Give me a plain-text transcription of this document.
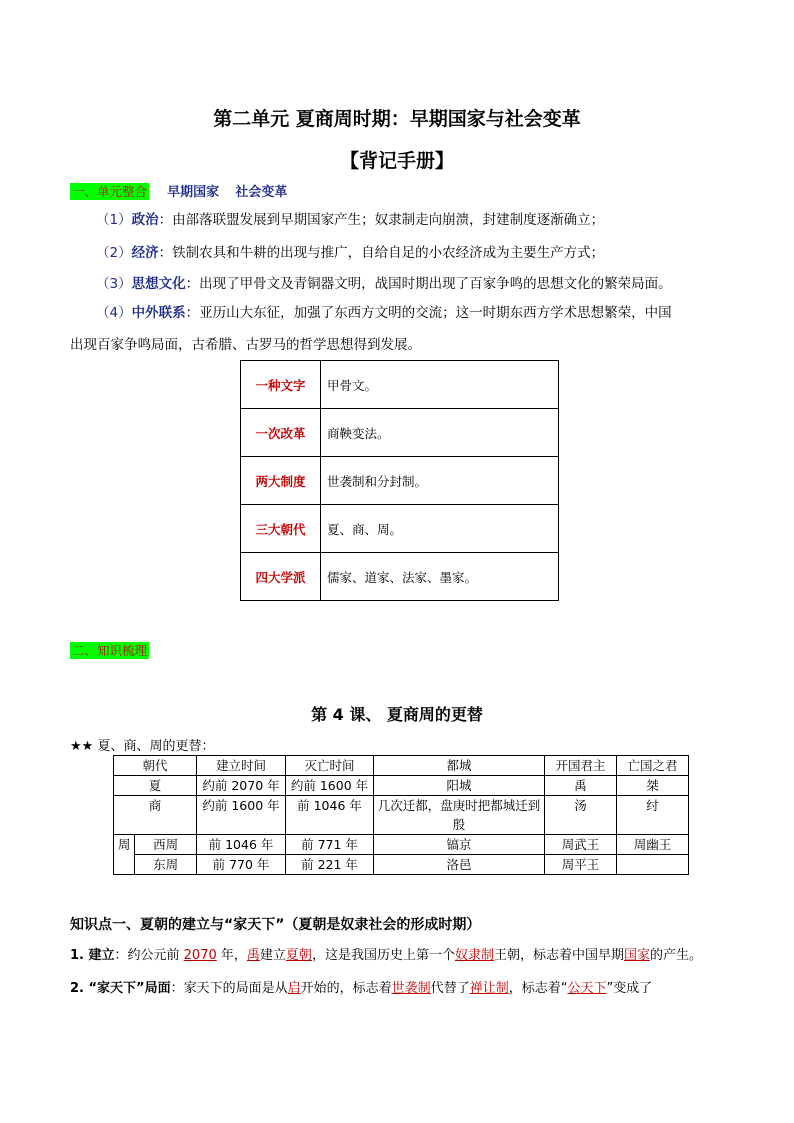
第二单元 夏商周时期：早期国家与社会变革
【背记手册】
一、单元整合 早期国家 社会变革
（1）政治：由部落联盟发展到早期国家产生；奴隶制走向崩溃，封建制度逐渐确立；
（2）经济：铁制农具和牛耕的出现与推广，自给自足的小农经济成为主要生产方式；
（3）思想文化：出现了甲骨文及青铜器文明，战国时期出现了百家争鸣的思想文化的繁荣局面。
（4）中外联系：亚历山大东征，加强了东西方文明的交流；这一时期东西方学术思想繁荣，中国
出现百家争鸣局面，古希腊、古罗马的哲学思想得到发展。
一种文字	甲骨文。
一次改革	商鞅变法。
两大制度	世袭制和分封制。
三大朝代	夏、商、周。
四大学派	儒家、道家、法家、墨家。
二、知识梳理
第 4 课、 夏商周的更替
★★ 夏、商、周的更替：
朝代		建立时间	灭亡时间	都城	开国君主	亡国之君
夏		约前 2070 年	约前 1600 年	阳城	禹	桀
商		约前 1600 年	前 1046 年	几次迁都，盘庚时把都城迁到殷	汤	纣
周	西周	前 1046 年	前 771 年	镐京	周武王	周幽王
	东周	前 770 年	前 221 年	洛邑	周平王	
知识点一、夏朝的建立与“家天下”（夏朝是奴隶社会的形成时期）
1. 建立：约公元前 2070 年，禹建立夏朝，这是我国历史上第一个奴隶制王朝，标志着中国早期国家的产生。
2. “家天下”局面：家天下的局面是从启开始的，标志着世袭制代替了禅让制，标志着“公天下”变成了
